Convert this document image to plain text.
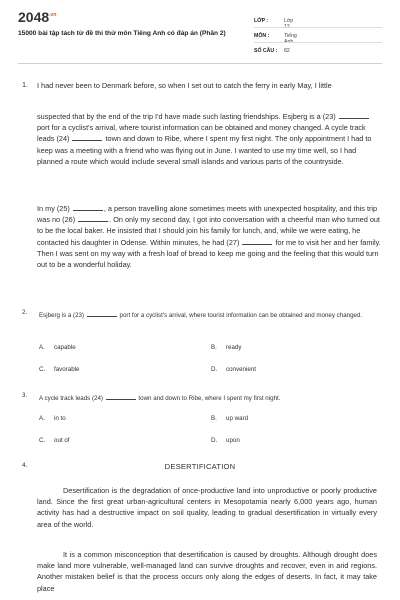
$2048^{.vn}$
15000 bài tập tách từ đề thi thử môn Tiếng Anh có đáp án (Phần 2)
LỚP :	Lớp 12
MÔN :	Tiếng Anh
SỐ CÂU :	82
1. I had never been to Denmark before, so when I set out to catch the ferry in early May, I little
suspected that by the end of the trip I'd have made such lasting friendships. Esjberg is a (23)  port for a cyclist's arrival, where tourist information can be obtained and money changed. A cycle track leads (24)	town and down to Ribe, where I spent my first night. The only appointment I had to keep was a meeting with a friend who was flying out in June. I wanted to use my time well, so I had planned a route which would include several small islands and various parts of the countryside.
In my (25)	, a person travelling alone sometimes meets with unexpected hospitality, and this trip was no (26)	. On only my second day, I got into conversation with a cheerful man who turned out to be the local baker. He insisted that I should join his family for lunch, and, while we were eating, he contacted his daughter in Odense. Within minutes, he had (27)	for me to visit her and her family. Then I was sent on my way with a fresh loaf of bread to keep me going and the feeling that this would turn out to be a wonderful holiday.
2. Esjberg is a (23)	port for a cyclist's arrival, where tourist information can be obtained and money changed.
A. capable	B. ready
C. favorable	D. convenient
3. A cycle track leads (24)	town and down to Ribe, where I spent my first night.
A. in to	B. up ward
C. out of	D. upon
4.	DESERTIFICATION
Desertification is the degradation of once-productive land into unproductive or poorly productive land. Since the first great urban-agricultural centers in Mesopotamia nearly 6,000 years ago, human activity has had a destructive impact on soil quality, leading to gradual desertification in virtually every area of the world.
It is a common misconception that desertification is caused by droughts. Although drought does make land more vulnerable, well-managed land can survive droughts and recover, even in arid regions. Another mistaken belief is that the process occurs only along the edges of deserts. In fact, it may take place
